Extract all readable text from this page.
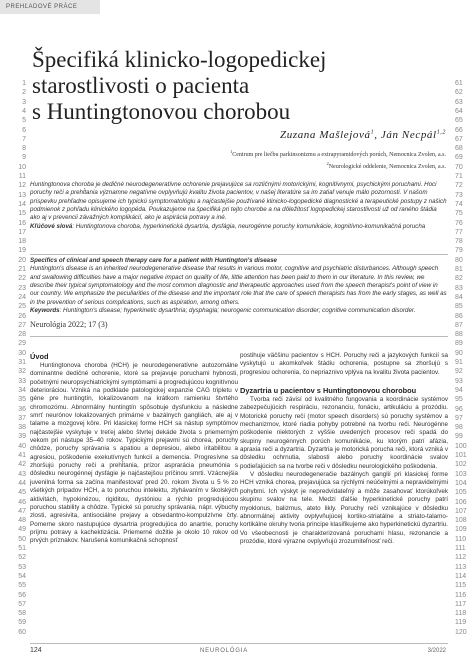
PREHĽADOVÉ PRÁCE
1
2
3
4
5
6
7
8
9
10
11
12
13
14
15
16
17
18
19
20
21
22
23
24
25
26
27
28
29
30
31
32
33
34
35
36
37
38
39
40
41
42
43
44
45
46
47
48
49
50
51
52
53
54
55
56
57
58
59
60
61
62
63
64
65
66
67
68
69
70
71
72
73
74
75
76
77
78
79
80
81
82
83
84
85
86
87
88
89
90
91
92
93
94
95
96
97
98
99
100
101
102
103
104
105
106
107
108
109
110
111
112
113
114
115
116
117
118
119
120
Špecifiká klinicko-logopedickej
starostlivosti o pacienta
s Huntingtonovou chorobou
Zuzana Mašlejová$^1$, Ján Necpál$^{1,2}$
$^1$Centrum pre liečbu parkinsonizmu a extrapyramidových porúch, Nemocnica Zvolen, a.s.
$^2$Neurologické oddelenie, Nemocnica Zvolen, a.s.
Huntingtonova choroba je dedičné neurodegeneratívne ochorenie prejavujúce sa rozličnými motorickými, kognitívnymi, psychickými poruchami. Hoci poruchy reči a prehĺtania významne negatívne ovplyvňujú kvalitu života pacientov, v našej literatúre sa im zatiaľ venuje málo pozornosti. V našom príspevku prehľadne opisujeme ich typickú symptomatológiu a najčastejšie používané klinicko-logopedické diagnostické a terapeutické postupy z našich podmienok z pohľadu klinického logopéda. Poukazujeme na špecifiká pri tejto chorobe a na dôležitosť logopedickej starostlivosti už od raného štádia ako aj v prevencii závažných komplikácií, ako je aspirácia potravy a iné.
Kľúčové slová: Huntingtonova choroba, hyperkinetická dysartria, dysfágia, neurogénne poruchy komunikácie, kognitívno-komunikačná porucha
Specifics of clinical and speech therapy care for a patient with Huntington's disease
Huntington's disease is an inherited neurodegenerative disease that results in various motor, cognitive and psychiatric disturbances. Although speech and swallowing difficulties have a major negative impact on quality of life, little attention has been paid to them in our literature. In this review, we describe their typical symptomatology and the most common diagnostic and therapeutic approaches used from the speech therapist's point of view in our country. We emphasize the peculiarities of the disease and the important role that the care of speech therapists has from the early stages, as well as in the prevention of serious complications, such as aspiration, among others.
Keywords: Huntington's disease; hyperkinetic dysarthria; dysphagia; neurogenic communication disorder; cognitive communication disorder.
Neurológia 2022; 17 (3)
Úvod

Huntingtonova choroba (HCH) je neurodegeneratívne autozomálne dominantne dedičné ochorenie, ktoré sa prejavuje poruchami hybnosti, početnými neuropsychiatrickými symptómami a progredujúcou kognitívnou deterioráciou. Vzniká na podklade patologickej expanzie CAG tripletu v géne pre huntingtín, lokalizovanom na krátkom ramienku štvrtého chromozómu. Abnormálny huntingtín spôsobuje dysfunkciu a následne smrť neurónov lokalizovaných primárne v bazálnych gangliách, ale aj v talame a mozgovej kôre. Pri klasickej forme HCH sa nástup symptómov najčastejšie vyskytuje v treťej alebo štvrtej dekáde života s priemerným vekom pri nástupe 35–40 rokov. Typickými prejavmi sú chorea, poruchy chôdze, poruchy správania s apatiou a depresiou, alebo iritabilitou a agresiou, poškodenie exekutívnych funkcií a demencia. Progresívne sa zhoršujú poruchy reči a prehĺtania, prízor asprarácia pneumónia s dôsledku neurogénnej dysfágie je najčastejšou príčinou smrti. Vzácnejšia juvenilná forma sa začína manifestovať pred 20. rokom života u 5 % zo všetkých prípadov HCH, a to poruchou intelektu, zlyhávaním v školských aktivitách, hypokinézou, rigiditou, dystóniou a rýchlo progredujúcou poruchou stability a chôdze. Typické sú poruchy správania, nápr. výbuchy zlosti, agresivita, antisociálne prejavy a obsedantno-kompulzívne črty. Pomerne skoro nastupujúce dysartria progredujúca do anartrie, poruchy príjmu potravy a kachektizácia. Priemerné dožitie je okolo 10 rokov od prvých príznakov. Narušená komunikačná schopnosť

postihuje väčšinu pacientov s HCH. Poruchy reči a jazykových funkcií sa vyskytujú u akomkoľvek štádiu ochorenia, postupne sa zhoršujú s progresiou ochorenia, čo nepriaznivo vplýva na kvalitu života pacientov.

Dyzartria u pacientov s Huntingtonovou chorobou

Tvorba reči závisí od kvalitného fungovania a koordinácie systémov zabezpečujúcich respiráciu, rezonanciu, fonáciu, artikuláciu a prozódiu. Motorické poruchy reči (motor speech disorders) sú poruchy systémov a mechanizmov, ktoré riadia pohyby potrebné na tvorbu reči. Neurogénne poškodenie niektorých z vyššie uvedených procesov reči spadá do skupiny neurogénnych porúch komunikácie, ku ktorým patrí afázia, apraxia reči a dyzartria. Dyzartria je motorická porucha reči, ktorá vzniká v dôsledku ochrnutia, slabosti alebo poruchy koordinácie svalov podieľajúcich sa na tvorbe reči v dôsledku neurologického poškodenia.

V dôsledku neurodegeneračie bazálnych ganglií pri klasickej forme HCH vzniká chorea, prejavujúca sa rýchlymi neúčelnými a nepravidelnými pohybmi. Ich výskyt je nepredvídateľný a môže zasahovať ktorúkoľvek skupinu svalov na tele. Medzi ďalšie hyperkinetické poruchy patrí myoklonus, balizmus, ateto likly. Poruchy reči vznikajúce v dôsledku abnormálnej aktivity ovplyvňujúcej kortiko-striatálne a striato-talamo-kortikálne okruhy tvoria principe klasifikujeme ako hyperkinetickú dyzartriu. Vo všeobecnosti je charakterizovaná poruchami hlasu, rezonancie a prozódie, ktoré výrazne ovplyvňujú zrozumiteľnosť reči.

124	NEUROLÓGIA	3/2022
